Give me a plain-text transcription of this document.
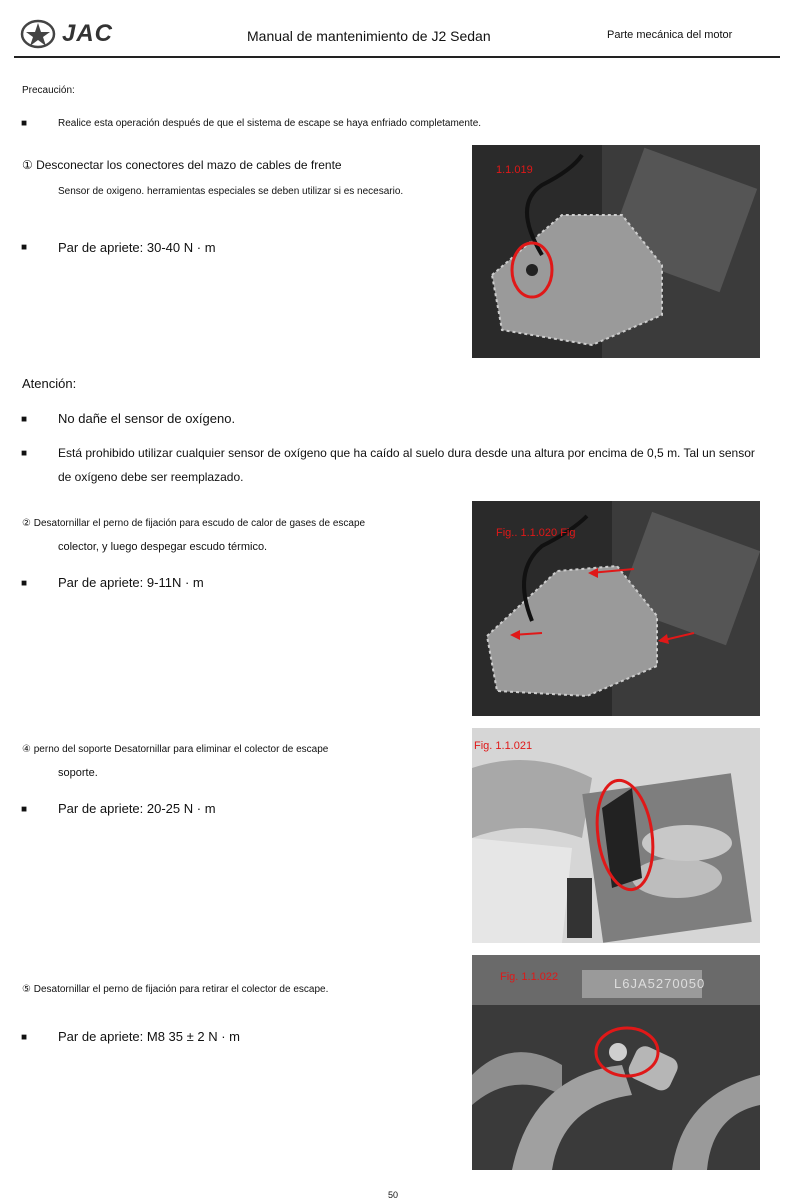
JAC	Manual de mantenimiento de J2 Sedan	Parte mecánica del motor
Precaución:
■	Realice esta operación después de que el sistema de escape se haya enfriado completamente.
① Desconectar los conectores del mazo de cables de frente
Sensor de oxigeno. herramientas especiales se deben utilizar si es necesario.
■ Par de apriete: 30-40 N · m
1.1.019
Atención:
■ No dañe el sensor de oxígeno.
■	Está prohibido utilizar cualquier sensor de oxígeno que ha caído al suelo dura desde una altura por encima de 0,5 m. Tal un sensor
de oxígeno debe ser reemplazado.
② Desatornillar el perno de fijación para escudo de calor de gases de escape
colector, y luego despegar escudo térmico.
■ Par de apriete: 9-11N · m
Fig.. 1.1.020 Fig
④ perno del soporte Desatornillar para eliminar el colector de escape
soporte.
■ Par de apriete: 20-25 N · m
Fig. 1.1.021
⑤ Desatornillar el perno de fijación para retirar el colector de escape.
■ Par de apriete: M8 35 ± 2 N · m
L6JA5270050
Fig. 1.1.022
50
